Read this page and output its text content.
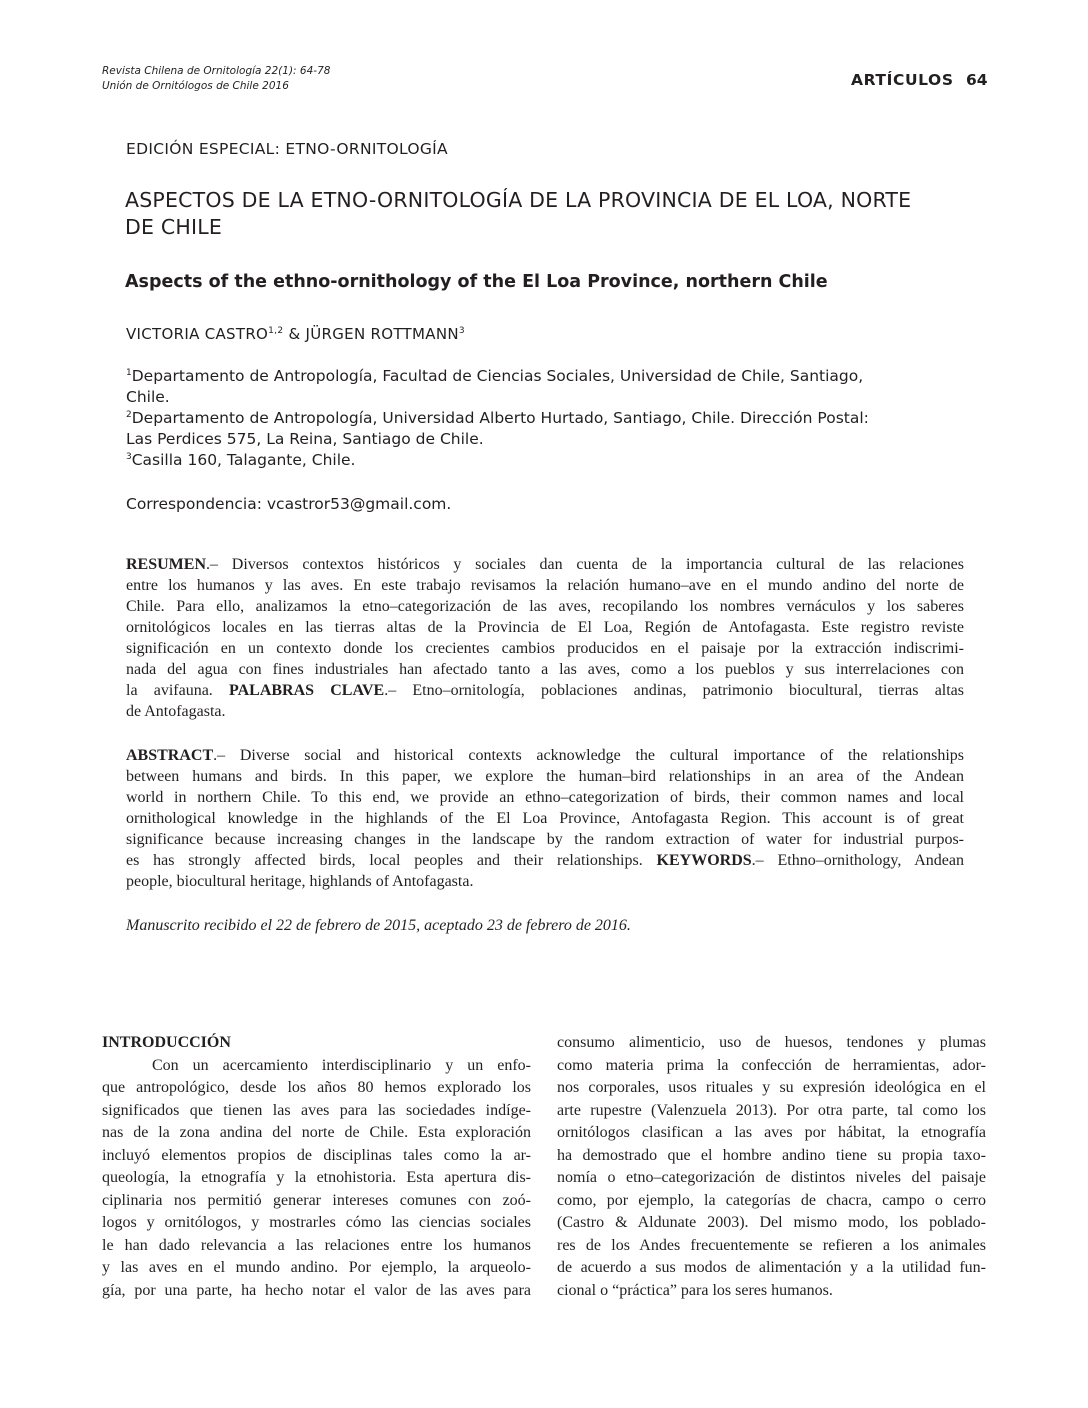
Revista Chilena de Ornitología 22(1): 64-78
Unión de Ornitólogos de Chile 2016	ARTÍCULOS 64
EDICIÓN ESPECIAL: ETNO-ORNITOLOGÍA
ASPECTOS DE LA ETNO-ORNITOLOGÍA DE LA PROVINCIA DE EL LOA, NORTE
DE CHILE
Aspects of the ethno-ornithology of the El Loa Province, northern Chile
VICTORIA CASTRO$^{1,2}$ & JÜRGEN ROTTMANN$^3$
$^1$Departamento de Antropología, Facultad de Ciencias Sociales, Universidad de Chile, Santiago,
Chile.
$^2$Departamento de Antropología, Universidad Alberto Hurtado, Santiago, Chile. Dirección Postal:
Las Perdices 575, La Reina, Santiago de Chile.
$^3$Casilla 160, Talagante, Chile.
Correspondencia: vcastror53@gmail.com.
RESUMEN.– Diversos contextos históricos y sociales dan cuenta de la importancia cultural de las relaciones
entre los humanos y las aves. En este trabajo revisamos la relación humano–ave en el mundo andino del norte de
Chile. Para ello, analizamos la etno–categorización de las aves, recopilando los nombres vernáculos y los saberes
ornitológicos locales en las tierras altas de la Provincia de El Loa, Región de Antofagasta. Este registro reviste
significación en un contexto donde los crecientes cambios producidos en el paisaje por la extracción indiscrimi-
nada del agua con fines industriales han afectado tanto a las aves, como a los pueblos y sus interrelaciones con
la avifauna. PALABRAS CLAVE.– Etno–ornitología, poblaciones andinas, patrimonio biocultural, tierras altas
de Antofagasta.
ABSTRACT.– Diverse social and historical contexts acknowledge the cultural importance of the relationships
between humans and birds. In this paper, we explore the human–bird relationships in an area of the Andean
world in northern Chile. To this end, we provide an ethno–categorization of birds, their common names and local
ornithological knowledge in the highlands of the El Loa Province, Antofagasta Region. This account is of great
significance because increasing changes in the landscape by the random extraction of water for industrial purpos-
es has strongly affected birds, local peoples and their relationships. KEYWORDS.– Ethno–ornithology, Andean
people, biocultural heritage, highlands of Antofagasta.
Manuscrito recibido el 22 de febrero de 2015, aceptado 23 de febrero de 2016.
INTRODUCCIÓN
Con un acercamiento interdisciplinario y un enfo-
que antropológico, desde los años 80 hemos explorado los
significados que tienen las aves para las sociedades indíge-
nas de la zona andina del norte de Chile. Esta exploración
incluyó elementos propios de disciplinas tales como la ar-
queología, la etnografía y la etnohistoria. Esta apertura dis-
ciplinaria nos permitió generar intereses comunes con zoó-
logos y ornitólogos, y mostrarles cómo las ciencias sociales
le han dado relevancia a las relaciones entre los humanos
y las aves en el mundo andino. Por ejemplo, la arqueolo-
gía, por una parte, ha hecho notar el valor de las aves para
consumo alimenticio, uso de huesos, tendones y plumas
como materia prima la confección de herramientas, ador-
nos corporales, usos rituales y su expresión ideológica en el
arte rupestre (Valenzuela 2013). Por otra parte, tal como los
ornitólogos clasifican a las aves por hábitat, la etnografía
ha demostrado que el hombre andino tiene su propia taxo-
nomía o etno–categorización de distintos niveles del paisaje
como, por ejemplo, la categorías de chacra, campo o cerro
(Castro & Aldunate 2003). Del mismo modo, los poblado-
res de los Andes frecuentemente se refieren a los animales
de acuerdo a sus modos de alimentación y a la utilidad fun-
cional o “práctica” para los seres humanos.
